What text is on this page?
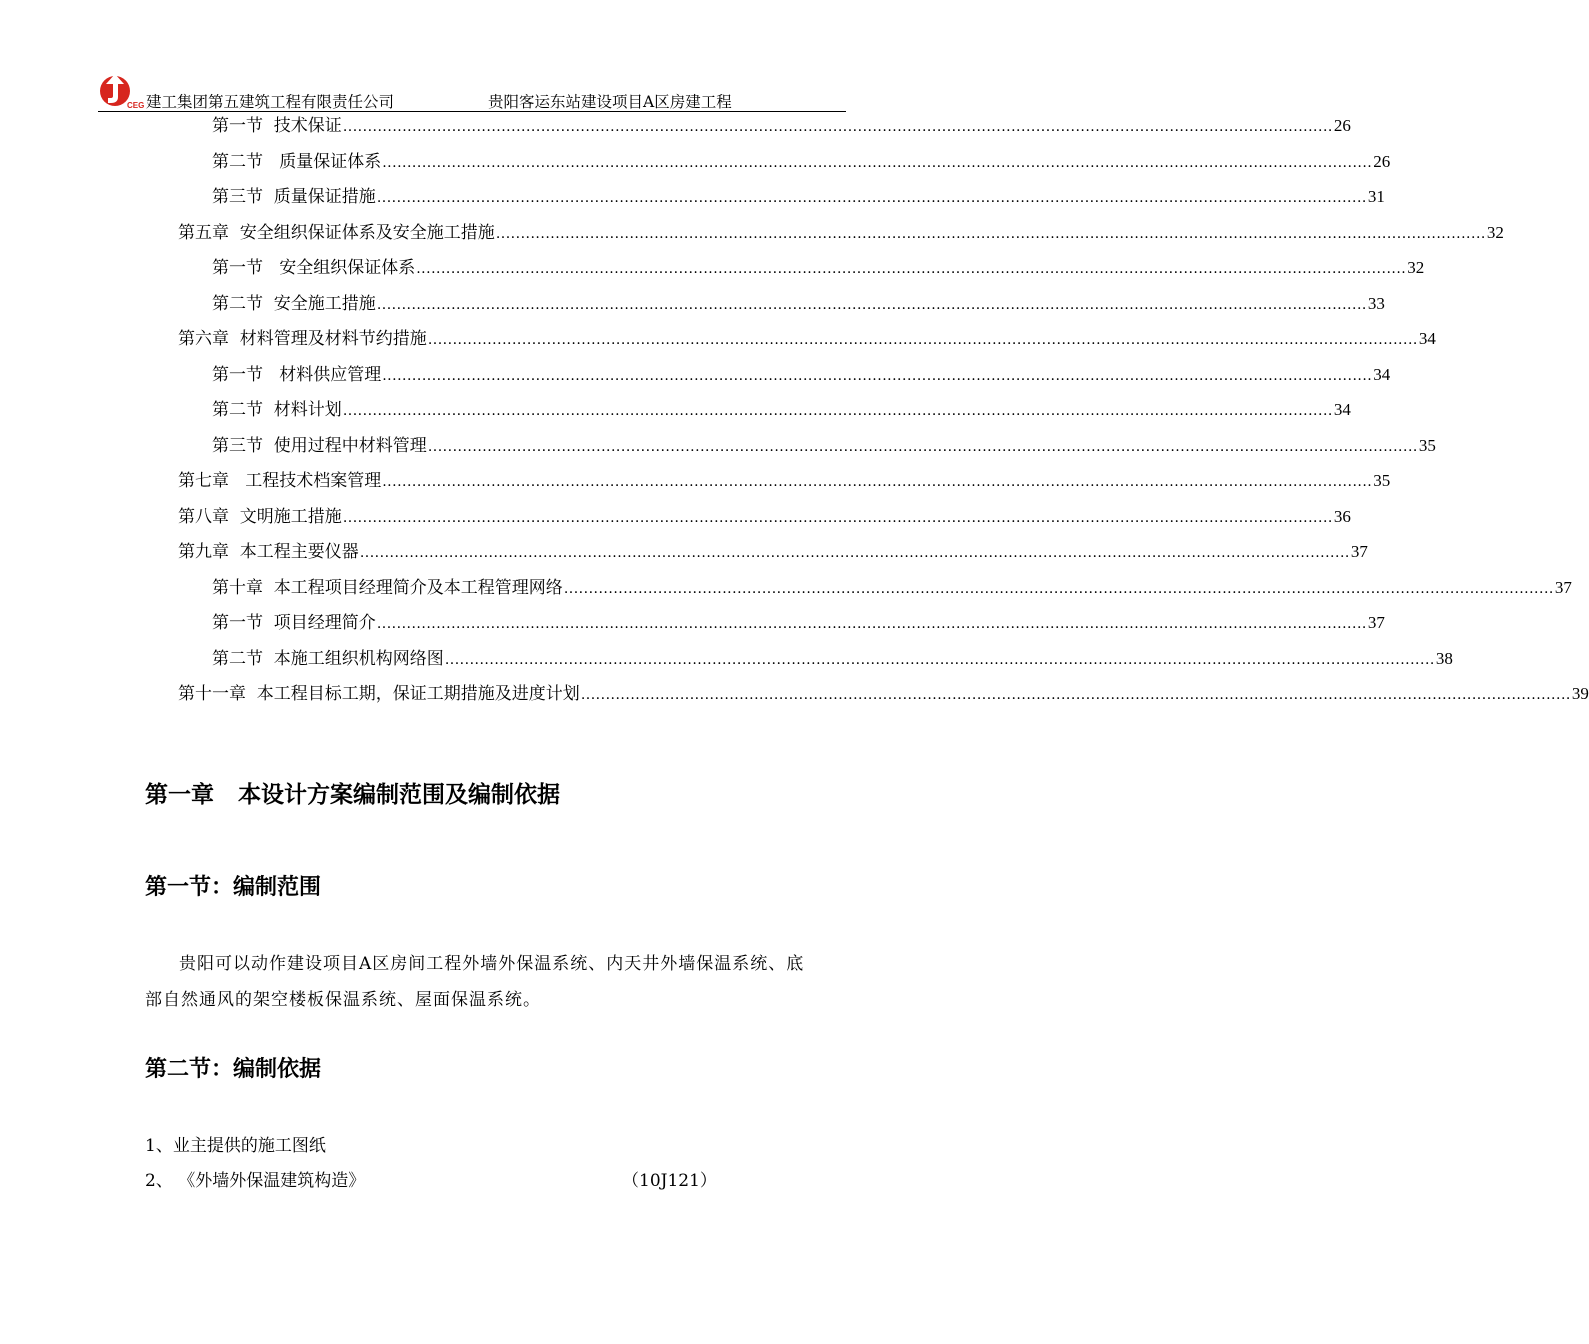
CEG 建工集团第五建筑工程有限责任公司	贵阳客运东站建设项目A区房建工程
第一节  技术保证 ........................................................................................................................................................................................................ 26
第二节   质量保证体系 ........................................................................................................................................................................................................ 26
第三节  质量保证措施 ........................................................................................................................................................................................................ 31
第五章  安全组织保证体系及安全施工措施 ........................................................................................................................................................................................................ 32
第一节   安全组织保证体系 ........................................................................................................................................................................................................ 32
第二节  安全施工措施 ........................................................................................................................................................................................................ 33
第六章  材料管理及材料节约措施 ........................................................................................................................................................................................................ 34
第一节   材料供应管理 ........................................................................................................................................................................................................ 34
第二节  材料计划 ........................................................................................................................................................................................................ 34
第三节  使用过程中材料管理 ........................................................................................................................................................................................................ 35
第七章   工程技术档案管理 ........................................................................................................................................................................................................ 35
第八章  文明施工措施 ........................................................................................................................................................................................................ 36
第九章  本工程主要仪器 ........................................................................................................................................................................................................ 37
第十章  本工程项目经理简介及本工程管理网络 ........................................................................................................................................................................................................ 37
第一节  项目经理简介 ........................................................................................................................................................................................................ 37
第二节  本施工组织机构网络图 ........................................................................................................................................................................................................ 38
第十一章  本工程目标工期，保证工期措施及进度计划 ........................................................................................................................................................................................................ 39
第一章   本设计方案编制范围及编制依据
第一节：编制范围
贵阳可以动作建设项目A区房间工程外墙外保温系统、内天井外墙保温系统、底部自然通风的架空楼板保温系统、屋面保温系统。
第二节：编制依据
1、业主提供的施工图纸
2、 《外墙外保温建筑构造》	（10J121）
